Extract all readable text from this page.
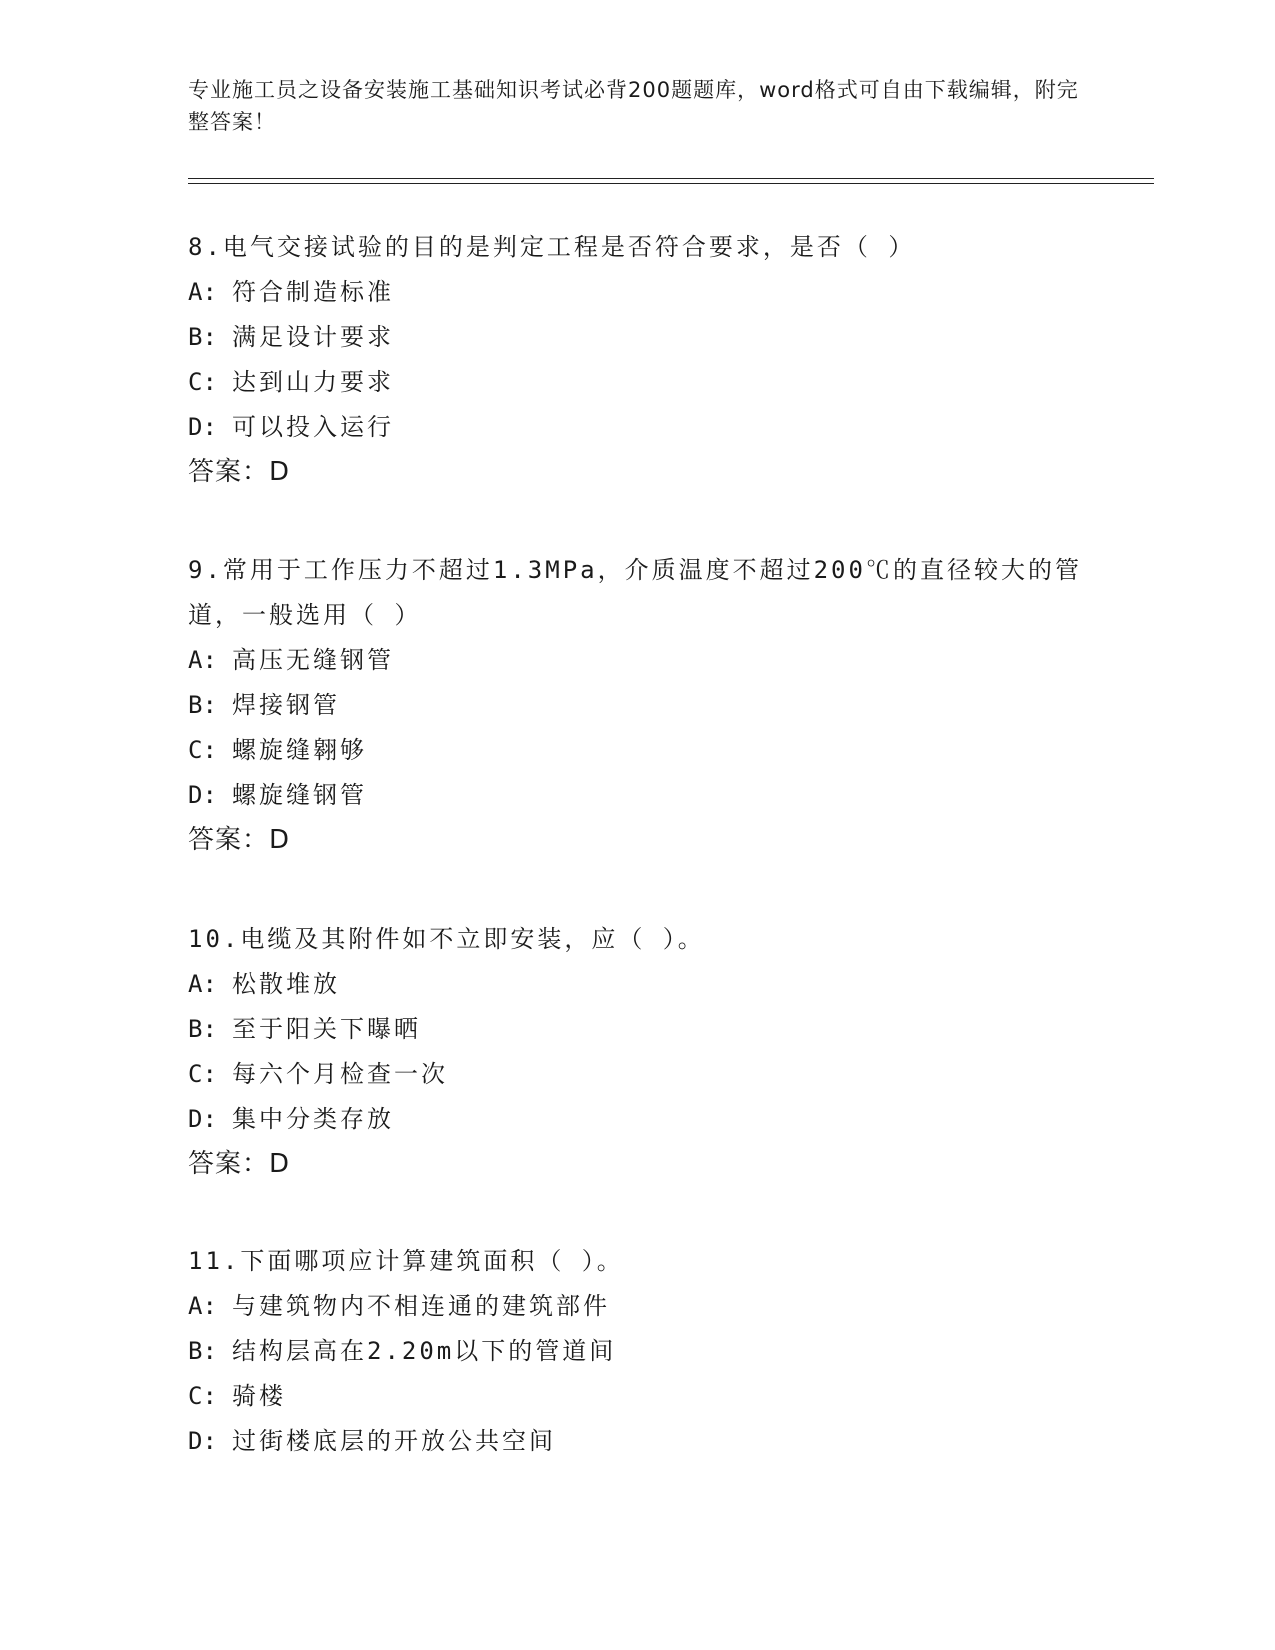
专业施工员之设备安装施工基础知识考试必背200题题库，word格式可自由下载编辑，附完整答案！
8.电气交接试验的目的是判定工程是否符合要求，是否（ ）
A: 符合制造标准
B: 满足设计要求
C: 达到山力要求
D: 可以投入运行
答案：D
9.常用于工作压力不超过1.3MPa，介质温度不超过200℃的直径较大的管道，一般选用（ ）
A: 高压无缝钢管
B: 焊接钢管
C: 螺旋缝翱够
D: 螺旋缝钢管
答案：D
10.电缆及其附件如不立即安装，应（ ）。
A: 松散堆放
B: 至于阳关下曝晒
C: 每六个月检查一次
D: 集中分类存放
答案：D
11.下面哪项应计算建筑面积（ ）。
A: 与建筑物内不相连通的建筑部件
B: 结构层高在2.20m以下的管道间
C: 骑楼
D: 过街楼底层的开放公共空间
